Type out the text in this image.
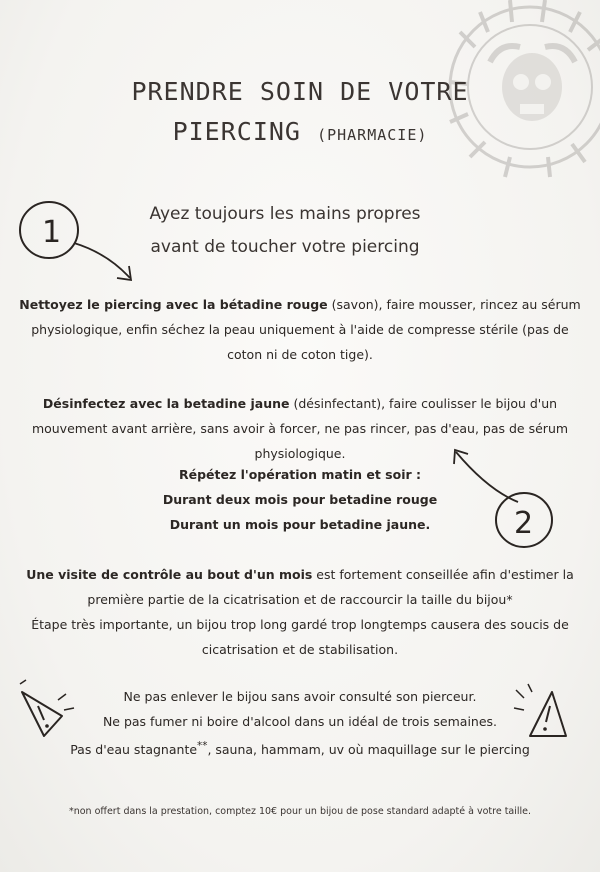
PRENDRE SOIN DE VOTRE
PIERCING (PHARMACIE)
1
Ayez toujours les mains propres
avant de toucher votre piercing
Nettoyez le piercing avec la bétadine rouge (savon), faire mousser, rincez au sérum physiologique, enfin séchez la peau uniquement à l'aide de compresse stérile (pas de coton ni de coton tige).
Désinfectez avec la betadine jaune (désinfectant), faire coulisser le bijou d'un mouvement avant arrière, sans avoir à forcer, ne pas rincer, pas d'eau, pas de sérum physiologique.
2
Répétez l'opération matin et soir :
Durant deux mois pour betadine rouge
Durant un mois pour betadine jaune.
Une visite de contrôle au bout d'un mois est fortement conseillée afin d'estimer la première partie de la cicatrisation et de raccourcir la taille du bijou*
Étape très importante, un bijou trop long gardé trop longtemps causera des soucis de cicatrisation et de stabilisation.
Ne pas enlever le bijou sans avoir consulté son pierceur.
Ne pas fumer ni boire d'alcool dans un idéal de trois semaines.
Pas d'eau stagnante**, sauna, hammam, uv où maquillage sur le piercing
*non offert dans la prestation, comptez 10€ pour un bijou de pose standard adapté à votre taille.
